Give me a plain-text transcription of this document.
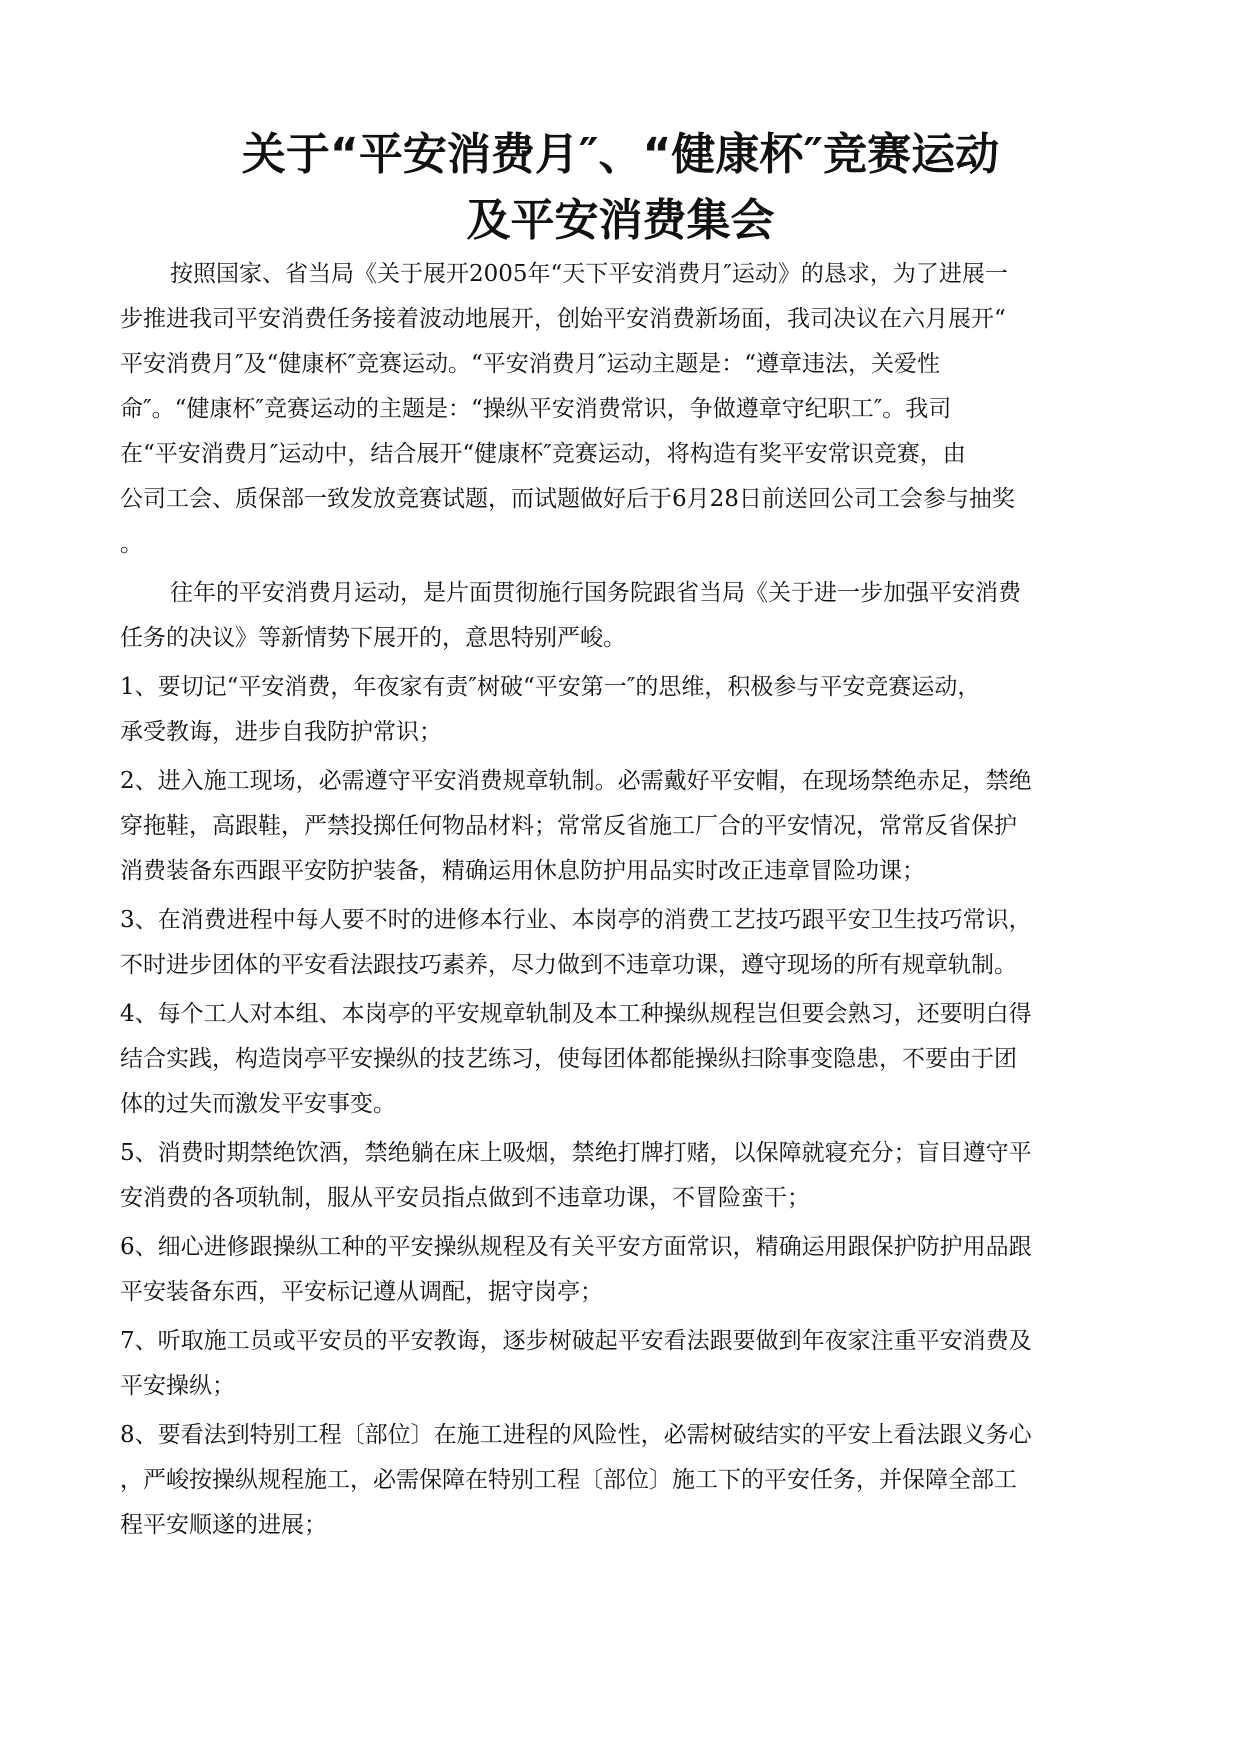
关于“平安消费月″、“健康杯″竞赛运动
及平安消费集会
按照国家、省当局《关于展开2005年“天下平安消费月″运动》的恳求，为了进展一
步推进我司平安消费任务接着波动地展开，创始平安消费新场面，我司决议在六月展开“
平安消费月″及“健康杯″竞赛运动。“平安消费月″运动主题是：“遵章违法，关爱性
命″。“健康杯″竞赛运动的主题是：“操纵平安消费常识，争做遵章守纪职工″。我司
在“平安消费月″运动中，结合展开“健康杯″竞赛运动，将构造有奖平安常识竞赛，由
公司工会、质保部一致发放竞赛试题，而试题做好后于6月28日前送回公司工会参与抽奖
。
往年的平安消费月运动，是片面贯彻施行国务院跟省当局《关于进一步加强平安消费
任务的决议》等新情势下展开的，意思特别严峻。
1、要切记“平安消费，年夜家有责″树破“平安第一″的思维，积极参与平安竞赛运动，
承受教诲，进步自我防护常识；
2、进入施工现场，必需遵守平安消费规章轨制。必需戴好平安帽，在现场禁绝赤足，禁绝
穿拖鞋，高跟鞋，严禁投掷任何物品材料；常常反省施工厂合的平安情况，常常反省保护
消费装备东西跟平安防护装备，精确运用休息防护用品实时改正违章冒险功课；
3、在消费进程中每人要不时的进修本行业、本岗亭的消费工艺技巧跟平安卫生技巧常识，
不时进步团体的平安看法跟技巧素养，尽力做到不违章功课，遵守现场的所有规章轨制。
4、每个工人对本组、本岗亭的平安规章轨制及本工种操纵规程岂但要会熟习，还要明白得
结合实践，构造岗亭平安操纵的技艺练习，使每团体都能操纵扫除事变隐患，不要由于团
体的过失而激发平安事变。
5、消费时期禁绝饮酒，禁绝躺在床上吸烟，禁绝打牌打赌，以保障就寝充分；盲目遵守平
安消费的各项轨制，服从平安员指点做到不违章功课，不冒险蛮干；
6、细心进修跟操纵工种的平安操纵规程及有关平安方面常识，精确运用跟保护防护用品跟
平安装备东西，平安标记遵从调配，据守岗亭；
7、听取施工员或平安员的平安教诲，逐步树破起平安看法跟要做到年夜家注重平安消费及
平安操纵；
8、要看法到特别工程〔部位〕在施工进程的风险性，必需树破结实的平安上看法跟义务心
，严峻按操纵规程施工，必需保障在特别工程〔部位〕施工下的平安任务，并保障全部工
程平安顺遂的进展；
